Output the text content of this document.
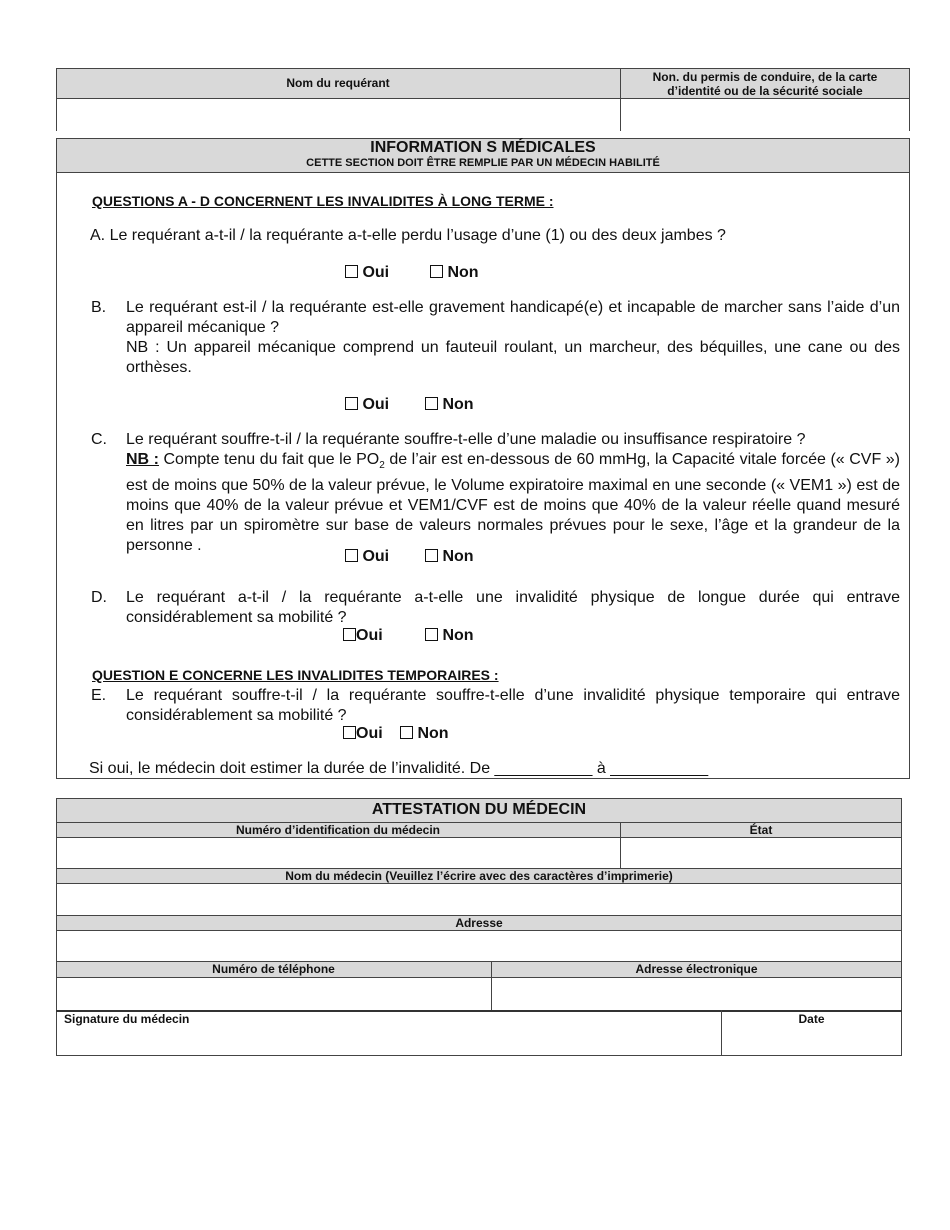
Nom du requérant	Non. du permis de conduire, de la carte
d’identité ou de la sécurité sociale
INFORMATION S MÉDICALES
CETTE SECTION DOIT ÊTRE REMPLIE PAR UN MÉDECIN HABILITÉ
QUESTIONS A - D CONCERNENT LES INVALIDITES À LONG TERME :
A. Le requérant a-t-il / la requérante a-t-elle perdu l’usage d’une (1) ou des deux jambes ?
Oui	Non
B. Le requérant est-il / la requérante est-elle gravement handicapé(e) et incapable de marcher sans l’aide d’un appareil mécanique ?
NB : Un appareil mécanique comprend un fauteuil roulant, un marcheur, des béquilles, une cane ou des orthèses.
Oui	Non
C. Le requérant souffre-t-il / la requérante souffre-t-elle d’une maladie ou insuffisance respiratoire ?
NB : Compte tenu du fait que le $PO_2$ de l’air est en-dessous de 60 mmHg, la Capacité vitale forcée (« CVF ») est de moins que 50% de la valeur prévue, le Volume expiratoire maximal en une seconde (« VEM1 ») est de moins que 40% de la valeur prévue et VEM1/CVF est de moins que 40% de la valeur réelle quand mesuré en litres par un spiromètre sur base de valeurs normales prévues pour le sexe, l’âge et la grandeur de la personne .
Oui	Non
D. Le requérant a-t-il / la requérante a-t-elle une invalidité physique de longue durée qui entrave considérablement sa mobilité ?
Oui	Non
QUESTION E CONCERNE LES INVALIDITES TEMPORAIRES :
E. Le requérant souffre-t-il / la requérante souffre-t-elle d’une invalidité physique temporaire qui entrave considérablement sa mobilité ?
Oui	Non
Si oui, le médecin doit estimer la durée de l’invalidité. De ___________ à ___________
ATTESTATION DU MÉDECIN
Numéro d’identification du médecin	État
Nom du médecin (Veuillez l’écrire avec des caractères d’imprimerie)
Adresse
Numéro de téléphone	Adresse électronique
Signature du médecin	Date
